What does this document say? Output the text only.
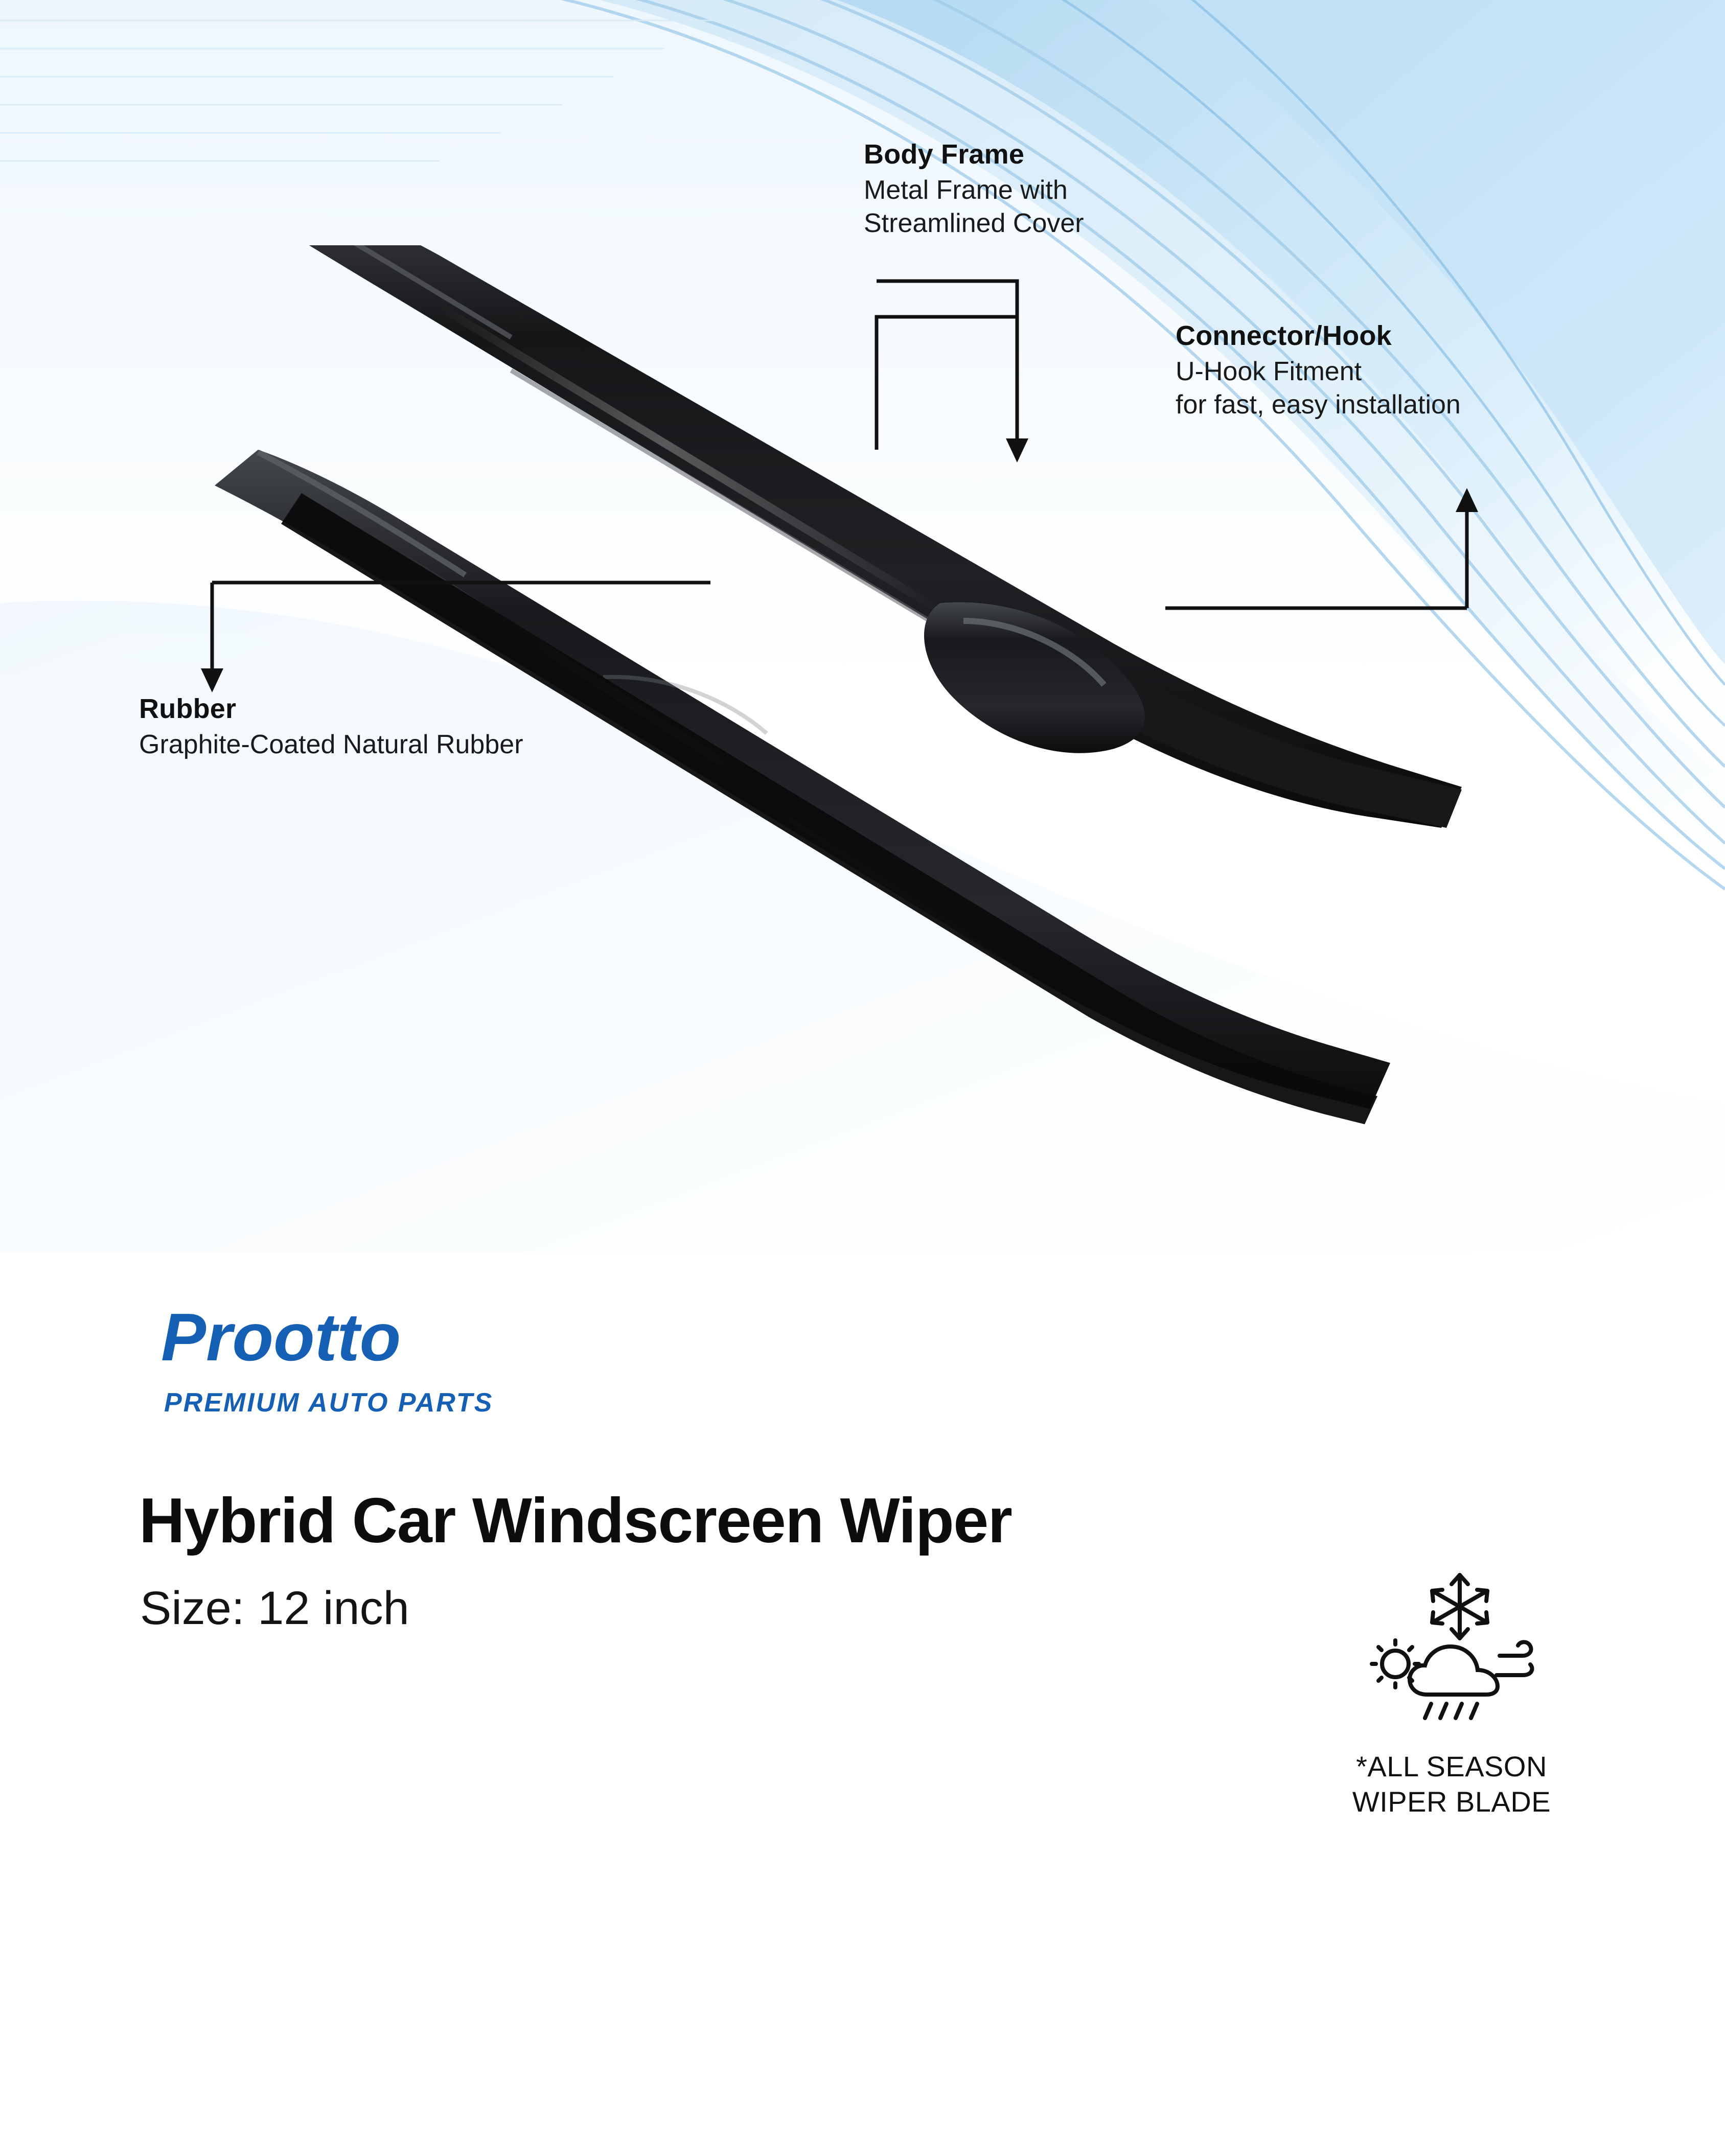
Body Frame
Metal Frame with
Streamlined Cover
Connector/Hook
U-Hook Fitment
for fast, easy installation
Rubber
Graphite-Coated Natural Rubber
Prootto
PREMIUM AUTO PARTS
Hybrid Car Windscreen Wiper
Size: 12 inch
*ALL SEASON
WIPER BLADE
